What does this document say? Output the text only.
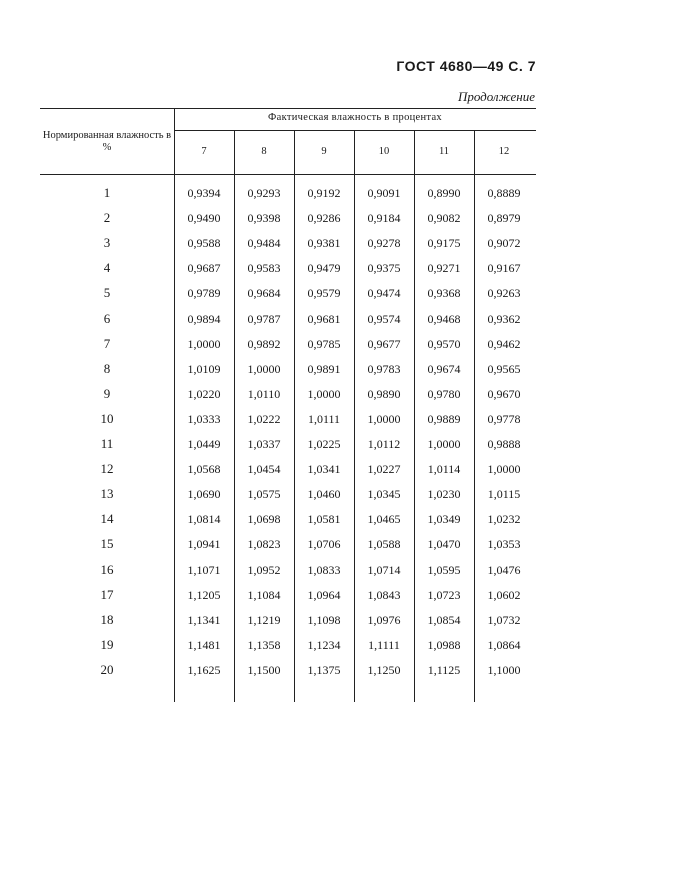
ГОСТ 4680—49 С. 7
Продолжение
Нормированная влажность в %
Фактическая влажность в процентах
7	8	9	10	11	12
1	0,9394	0,9293	0,9192	0,9091	0,8990	0,8889
2	0,9490	0,9398	0,9286	0,9184	0,9082	0,8979
3	0,9588	0,9484	0,9381	0,9278	0,9175	0,9072
4	0,9687	0,9583	0,9479	0,9375	0,9271	0,9167
5	0,9789	0,9684	0,9579	0,9474	0,9368	0,9263
6	0,9894	0,9787	0,9681	0,9574	0,9468	0,9362
7	1,0000	0,9892	0,9785	0,9677	0,9570	0,9462
8	1,0109	1,0000	0,9891	0,9783	0,9674	0,9565
9	1,0220	1,0110	1,0000	0,9890	0,9780	0,9670
10	1,0333	1,0222	1,0111	1,0000	0,9889	0,9778
11	1,0449	1,0337	1,0225	1,0112	1,0000	0,9888
12	1,0568	1,0454	1,0341	1,0227	1,0114	1,0000
13	1,0690	1,0575	1,0460	1,0345	1,0230	1,0115
14	1,0814	1,0698	1,0581	1,0465	1,0349	1,0232
15	1,0941	1,0823	1,0706	1,0588	1,0470	1,0353
16	1,1071	1,0952	1,0833	1,0714	1,0595	1,0476
17	1,1205	1,1084	1,0964	1,0843	1,0723	1,0602
18	1,1341	1,1219	1,1098	1,0976	1,0854	1,0732
19	1,1481	1,1358	1,1234	1,1111	1,0988	1,0864
20	1,1625	1,1500	1,1375	1,1250	1,1125	1,1000
